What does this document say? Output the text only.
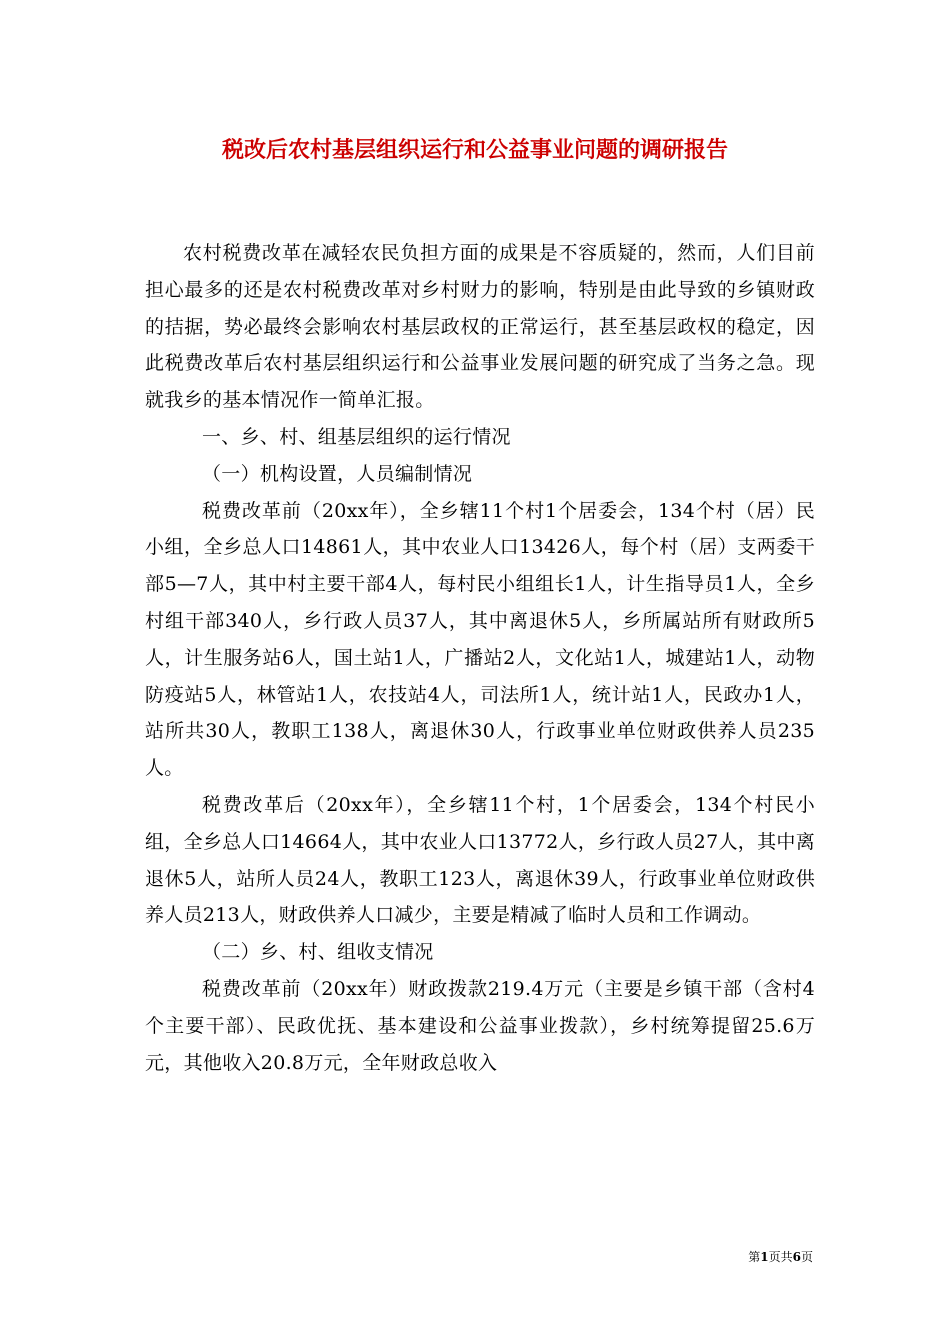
税改后农村基层组织运行和公益事业问题的调研报告

农村税费改革在减轻农民负担方面的成果是不容质疑的，然而，人们目前担心最多的还是农村税费改革对乡村财力的影响，特别是由此导致的乡镇财政的拮据，势必最终会影响农村基层政权的正常运行，甚至基层政权的稳定，因此税费改革后农村基层组织运行和公益事业发展问题的研究成了当务之急。现就我乡的基本情况作一简单汇报。

一、乡、村、组基层组织的运行情况

（一）机构设置，人员编制情况

税费改革前（20xx年），全乡辖11个村1个居委会，134个村（居）民小组，全乡总人口14861人，其中农业人口13426人，每个村（居）支两委干部5—7人，其中村主要干部4人，每村民小组组长1人，计生指导员1人，全乡村组干部340人，乡行政人员37人，其中离退休5人，乡所属站所有财政所5人，计生服务站6人，国土站1人，广播站2人，文化站1人，城建站1人，动物防疫站5人，林管站1人，农技站4人，司法所1人，统计站1人，民政办1人，站所共30人，教职工138人，离退休30人，行政事业单位财政供养人员235人。

税费改革后（20xx年），全乡辖11个村，1个居委会，134个村民小组，全乡总人口14664人，其中农业人口13772人，乡行政人员27人，其中离退休5人，站所人员24人，教职工123人，离退休39人，行政事业单位财政供养人员213人，财政供养人口减少，主要是精减了临时人员和工作调动。

（二）乡、村、组收支情况

税费改革前（20xx年）财政拨款219.4万元（主要是乡镇干部（含村4个主要干部）、民政优抚、基本建设和公益事业拨款），乡村统筹提留25.6万元，其他收入20.8万元，全年财政总收入

第1页共6页
